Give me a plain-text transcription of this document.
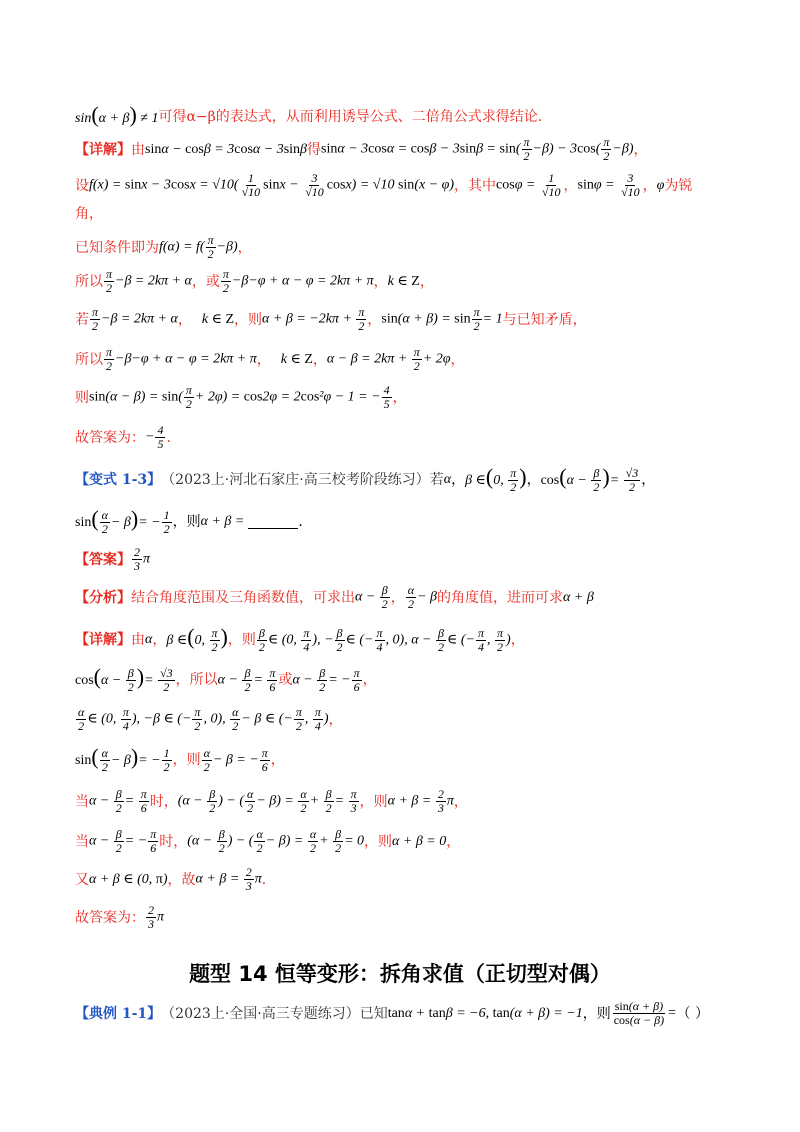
sin(α + β) ≠ 1 可得α−β的表达式，从而利用诱导公式、二倍角公式求得结论．
【详解】 由 sinα − cosβ = 3cosα − 3sinβ 得 $\sin\alpha - 3\cos\alpha = \cos\beta - 3\sin\beta = \sin( \frac{\pi}{2} -\beta) - 3\cos( \frac{\pi}{2} -\beta)$ ，
设 $f(x) = \sin x - 3\cos x = √10( \frac{1}{√10}$ $\sin x - \frac{3}{√10} \cos x) = √10$ sin(x − φ) ，其中 $\cos\varphi = \frac{1}{√10}$ ， $\sin\varphi = \frac{3}{√10}$ ， φ 为锐
角，
已知条件即为 $f(\alpha) = f( \frac{\pi}{2} -\beta)$ ，
所以 $\frac{\pi}{2} -\beta = 2k\pi + \alpha$ ，或 $\frac{\pi}{2} -\beta-\varphi + \alpha - \varphi = 2k\pi + \pi$ ， k ∈ Z ，
若 $\frac{\pi}{2} -\beta = 2k\pi + \alpha$ ， k ∈ Z ，则 $\alpha + \beta = -2k\pi + \frac{\pi}{2}$ ， $\sin(\alpha + \beta) = \sin \frac{\pi}{2} = 1$ 与已知矛盾，
所以 $\frac{\pi}{2} -\beta-\varphi + \alpha - \varphi = 2k\pi + \pi$ ， k ∈ Z ， $\alpha - \beta = 2k\pi + \frac{\pi}{2} + 2\varphi$ ，
则 $\sin(\alpha - \beta) = \sin( \frac{\pi}{2} + 2\varphi) = \cos 2\varphi = 2\cos^2\varphi - 1$ = − $\frac{4}{5}$ ，
故答案为： − $\frac{4}{5}$ ．
【变式 1-3】 （2023上·河北石家庄·高三校考阶段练习）若 α ， β ∈(0, $\frac{\pi}{2}$ ) ， $\cos(\alpha - \frac{\beta}{2}$ )= $\frac{√3}{2}$ ，
$\sin( \frac{\alpha}{2} - \beta)= - \frac{1}{2}$ ，则 α + β =	．
【答案】 $\frac{2}{3}$ π
【分析】 结合角度范围及三角函数值，可求出 $\alpha - \frac{\beta}{2}$ ， $\frac{\alpha}{2} - \beta$ 的角度值，进而可求 α + β
【详解】 由 α ， β ∈(0, $\frac{\pi}{2}$ ) ，则 $\frac{\beta}{2}$ ∈ (0, $\frac{\pi}{4}$ ), − $\frac{\beta}{2}$ ∈ (− $\frac{\pi}{4}$ , 0), $\alpha - \frac{\beta}{2}$ ∈ (− $\frac{\pi}{4}$ , $\frac{\pi}{2}$ ) ，
$\cos(\alpha - \frac{\beta}{2}$ )= $\frac{√3}{2}$ ，所以 $\alpha - \frac{\beta}{2} = \frac{\pi}{6}$ 或 $\alpha - \frac{\beta}{2}$ = − $\frac{\pi}{6}$ ，
$\frac{\alpha}{2}$ ∈ (0, $\frac{\pi}{4}$ ), −β ∈ (− $\frac{\pi}{2}$ , 0), $\frac{\alpha}{2} - \beta$ ∈ (− $\frac{\pi}{2}$ , $\frac{\pi}{4}$ ) ，
$\sin( \frac{\alpha}{2} - \beta)= - \frac{1}{2}$ ，则 $\frac{\alpha}{2} - \beta$ = − $\frac{\pi}{6}$ ，
当 $\alpha - \frac{\beta}{2} = \frac{\pi}{6}$ 时， ($\alpha - \frac{\beta}{2}$ ) − ( $\frac{\alpha}{2} - \beta) = \frac{\alpha}{2} + \frac{\beta}{2} = \frac{\pi}{3}$ ，则 $\alpha + \beta = \frac{2}{3}$ π ，
当 $\alpha - \frac{\beta}{2}$ = − $\frac{\pi}{6}$ 时， ($\alpha - \frac{\beta}{2}$ ) − ( $\frac{\alpha}{2} - \beta) = \frac{\alpha}{2} + \frac{\beta}{2} = 0$ ，则 α + β = 0 ，
又 α + β ∈ (0, π) ，故 $\alpha + \beta = \frac{2}{3}$ π ．
故答案为： $\frac{2}{3}$ π
题型 14 恒等变形：拆角求值（正切型对偶）
【典例 1-1】 （2023上·全国·高三专题练习）已知 tanα + tanβ = −6, tan(α + β) = −1 ，则 $\frac{\sin(\alpha + \beta)}{\cos(\alpha - \beta)}$ = （ ）
